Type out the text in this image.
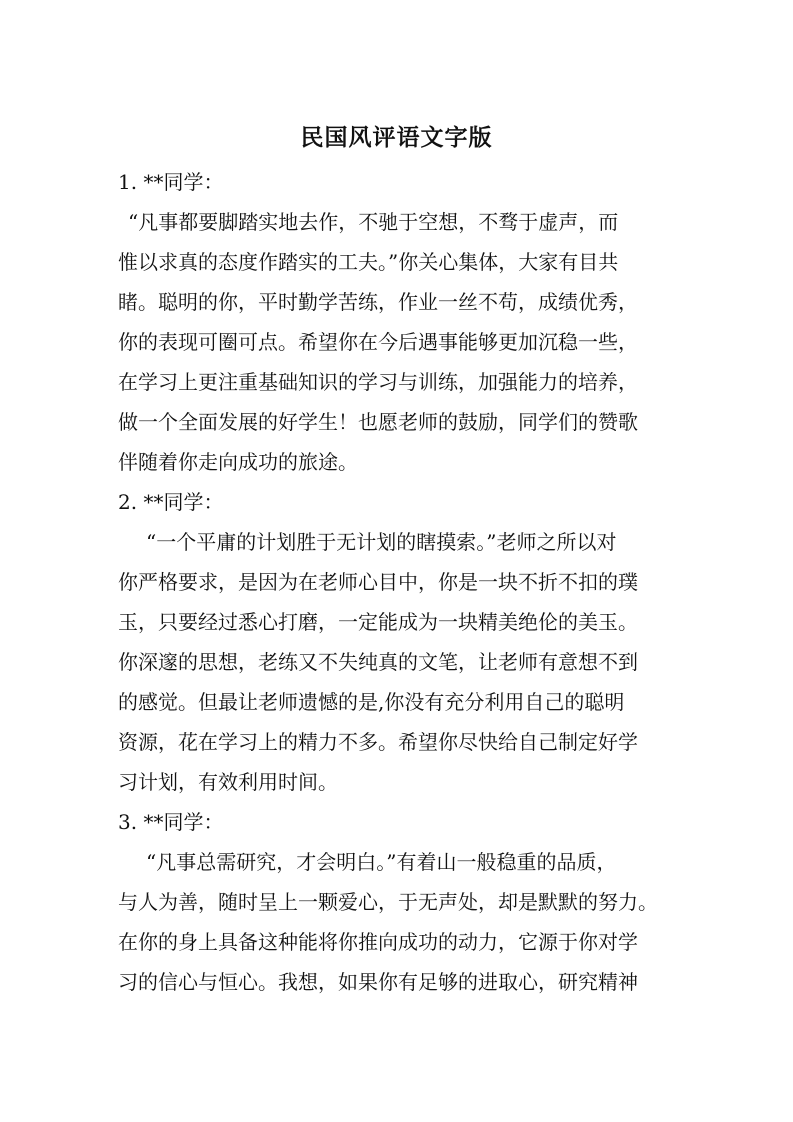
民国风评语文字版
1. **同学：
“凡事都要脚踏实地去作，不驰于空想，不骛于虚声，而
惟以求真的态度作踏实的工夫。”你关心集体，大家有目共
睹。聪明的你，平时勤学苦练，作业一丝不苟，成绩优秀，
你的表现可圈可点。希望你在今后遇事能够更加沉稳一些，
在学习上更注重基础知识的学习与训练，加强能力的培养，
做一个全面发展的好学生！也愿老师的鼓励，同学们的赞歌
伴随着你走向成功的旅途。
2. **同学：
“一个平庸的计划胜于无计划的瞎摸索。”老师之所以对
你严格要求，是因为在老师心目中，你是一块不折不扣的璞
玉，只要经过悉心打磨，一定能成为一块精美绝伦的美玉。
你深邃的思想，老练又不失纯真的文笔，让老师有意想不到
的感觉。但最让老师遗憾的是,你没有充分利用自己的聪明
资源，花在学习上的精力不多。希望你尽快给自己制定好学
习计划，有效利用时间。
3. **同学：
“凡事总需研究，才会明白。”有着山一般稳重的品质，
与人为善，随时呈上一颗爱心，于无声处，却是默默的努力。
在你的身上具备这种能将你推向成功的动力，它源于你对学
习的信心与恒心。我想，如果你有足够的进取心，研究精神
